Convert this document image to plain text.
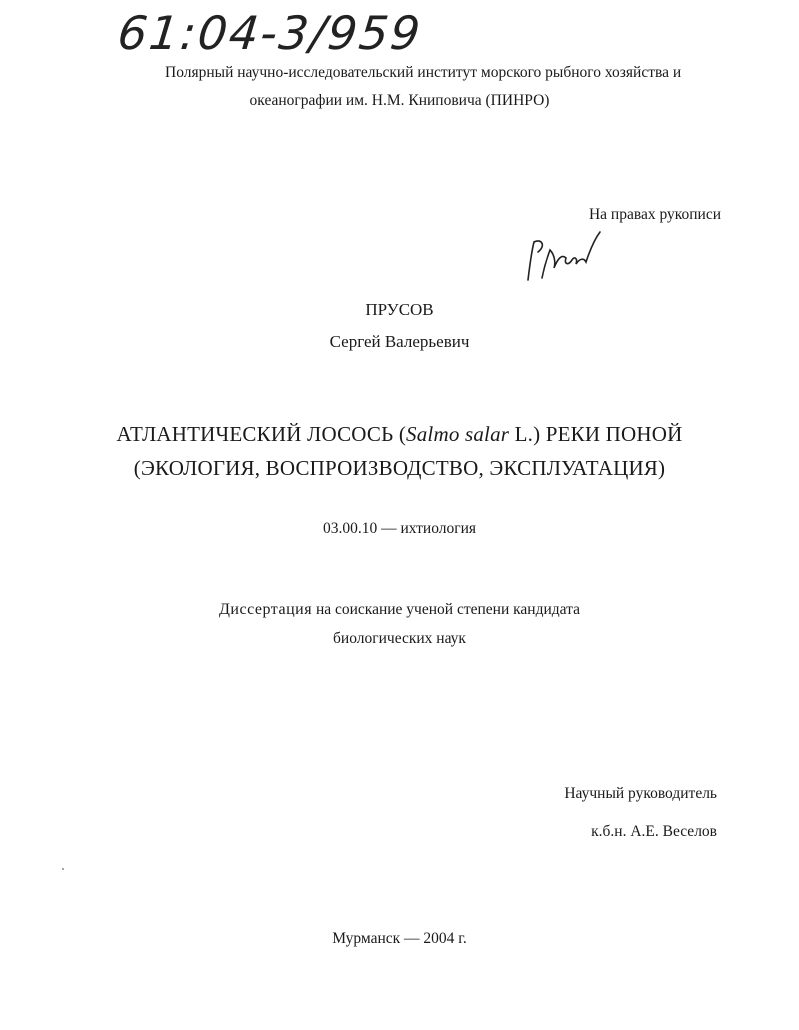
61:04-3/959
Полярный научно-исследовательский институт морского рыбного хозяйства и
океанографии им. Н.М. Книповича (ПИНРО)
На правах рукописи
ПРУСОВ
Сергей Валерьевич
АТЛАНТИЧЕСКИЙ ЛОСОСЬ (Salmo salar L.) РЕКИ ПОНОЙ
(ЭКОЛОГИЯ, ВОСПРОИЗВОДСТВО, ЭКСПЛУАТАЦИЯ)
03.00.10 — ихтиология
Диссертация на соискание ученой степени кандидата
биологических наук
Научный руководитель
к.б.н. А.Е. Веселов
Мурманск — 2004 г.
